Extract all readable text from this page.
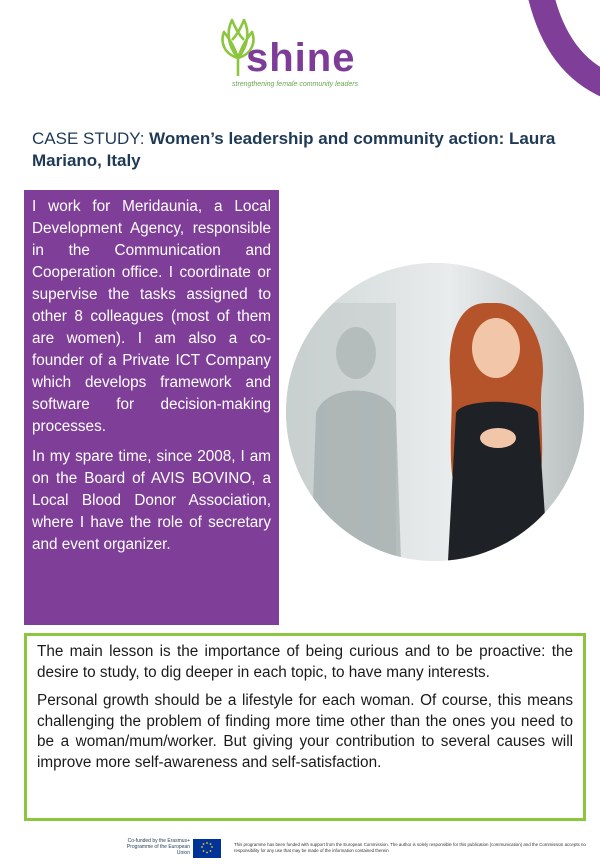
shine
strengthening female community leaders
CASE STUDY: Women’s leadership and community action: Laura Mariano, Italy

I work for Meridaunia, a Local Development Agency, responsible in the Communication and Cooperation office. I coordinate or supervise the tasks assigned to other 8 colleagues (most of them are women). I am also a co-founder of a Private ICT Company which develops framework and software for decision-making processes.

In my spare time, since 2008, I am on the Board of AVIS BOVINO, a Local Blood Donor Association, where I have the role of secretary and event organizer.

The main lesson is the importance of being curious and to be proactive: the desire to study, to dig deeper in each topic, to have many interests.

Personal growth should be a lifestyle for each woman. Of course, this means challenging the problem of finding more time other than the ones you need to be a woman/mum/worker. But giving your contribution to several causes will improve more self-awareness and self-satisfaction.

Co-funded by the Erasmus+ Programme of the European Union
This programme has been funded with support from the European Commission. The author is solely responsible for this publication (communication) and the Commission accepts no responsibility for any use that may be made of the information contained therein
